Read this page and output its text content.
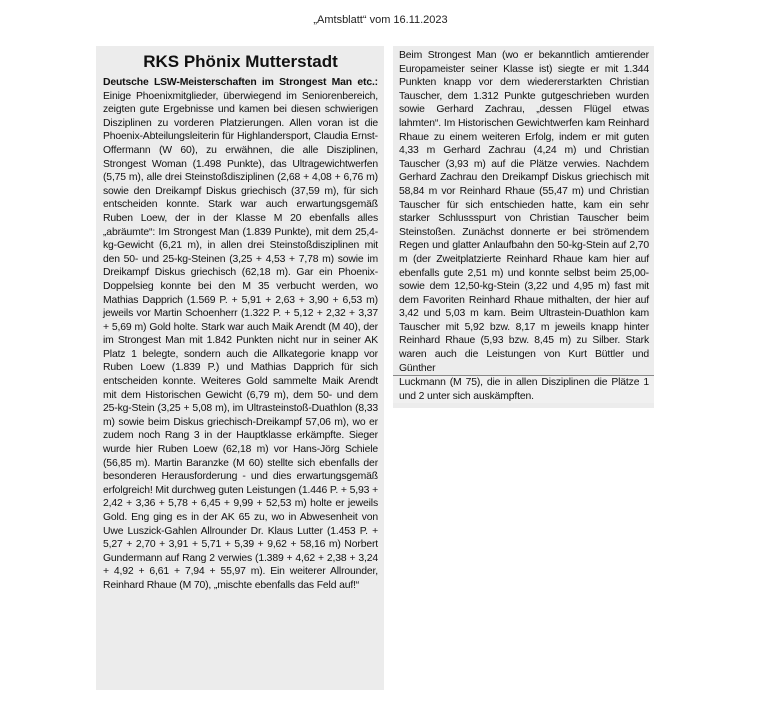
„Amtsblatt“ vom 16.11.2023
RKS Phönix Mutterstadt
Deutsche LSW-Meisterschaften im Strongest Man etc.: Einige Phoenixmitglieder, überwiegend im Seniorenbereich, zeigten gute Ergebnisse und kamen bei diesen schwierigen Disziplinen zu vorderen Platzierungen. Allen voran ist die Phoenix-Abteilungsleiterin für Highlandersport, Claudia Ernst-Offermann (W 60), zu erwähnen, die alle Disziplinen, Strongest Woman (1.498 Punkte), das Ultragewichtwerfen (5,75 m), alle drei Steinstoßdisziplinen (2,68 + 4,08 + 6,76 m) sowie den Dreikampf Diskus griechisch (37,59 m), für sich entscheiden konnte. Stark war auch erwartungsgemäß Ruben Loew, der in der Klasse M 20 ebenfalls alles „abräumte“: Im Strongest Man (1.839 Punkte), mit dem 25,4-kg-Gewicht (6,21 m), in allen drei Steinstoßdisziplinen mit den 50- und 25-kg-Steinen (3,25 + 4,53 + 7,78 m) sowie im Dreikampf Diskus griechisch (62,18 m). Gar ein Phoenix-Doppelsieg konnte bei den M 35 verbucht werden, wo Mathias Dapprich (1.569 P. + 5,91 + 2,63 + 3,90 + 6,53 m) jeweils vor Martin Schoenherr (1.322 P. + 5,12 + 2,32 + 3,37 + 5,69 m) Gold holte. Stark war auch Maik Arendt (M 40), der im Strongest Man mit 1.842 Punkten nicht nur in seiner AK Platz 1 belegte, sondern auch die Allkategorie knapp vor Ruben Loew (1.839 P.) und Mathias Dapprich für sich entscheiden konnte. Weiteres Gold sammelte Maik Arendt mit dem Historischen Gewicht (6,79 m), dem 50- und dem 25-kg-Stein (3,25 + 5,08 m), im Ultrasteinstoß-Duathlon (8,33 m) sowie beim Diskus griechisch-Dreikampf 57,06 m), wo er zudem noch Rang 3 in der Hauptklasse erkämpfte. Sieger wurde hier Ruben Loew (62,18 m) vor Hans-Jörg Schiele (56,85 m). Martin Baranzke (M 60) stellte sich ebenfalls der besonderen Herausforderung - und dies erwartungsgemäß erfolgreich! Mit durchweg guten Leistungen (1.446 P. + 5,93 + 2,42 + 3,36 + 5,78 + 6,45 + 9,99 + 52,53 m) holte er jeweils Gold. Eng ging es in der AK 65 zu, wo in Abwesenheit von Uwe Luszick-Gahlen Allrounder Dr. Klaus Lutter (1.453 P. + 5,27 + 2,70 + 3,91 + 5,71 + 5,39 + 9,62 + 58,16 m) Norbert Gundermann auf Rang 2 verwies (1.389 + 4,62 + 2,38 + 3,24 + 4,92 + 6,61 + 7,94 + 55,97 m). Ein weiterer Allrounder, Reinhard Rhaue (M 70), „mischte ebenfalls das Feld auf!“
Beim Strongest Man (wo er bekanntlich amtierender Europameister seiner Klasse ist) siegte er mit 1.344 Punkten knapp vor dem wiedererstarkten Christian Tauscher, dem 1.312 Punkte gutgeschrieben wurden sowie Gerhard Zachrau, „dessen Flügel etwas lahmten“. Im Historischen Gewichtwerfen kam Reinhard Rhaue zu einem weiteren Erfolg, indem er mit guten 4,33 m Gerhard Zachrau (4,24 m) und Christian Tauscher (3,93 m) auf die Plätze verwies. Nachdem Gerhard Zachrau den Dreikampf Diskus griechisch mit 58,84 m vor Reinhard Rhaue (55,47 m) und Christian Tauscher für sich entschieden hatte, kam ein sehr starker Schlussspurt von Christian Tauscher beim Steinstoßen. Zunächst donnerte er bei strömendem Regen und glatter Anlaufbahn den 50-kg-Stein auf 2,70 m (der Zweitplatzierte Reinhard Rhaue kam hier auf ebenfalls gute 2,51 m) und konnte selbst beim 25,00- sowie dem 12,50-kg-Stein (3,22 und 4,95 m) fast mit dem Favoriten Reinhard Rhaue mithalten, der hier auf 3,42 und 5,03 m kam. Beim Ultrastein-Duathlon kam Tauscher mit 5,92 bzw. 8,17 m jeweils knapp hinter Reinhard Rhaue (5,93 bzw. 8,45 m) zu Silber. Stark waren auch die Leistungen von Kurt Büttler und Günther
Luckmann (M 75), die in allen Disziplinen die Plätze 1 und 2 unter sich auskämpften.
